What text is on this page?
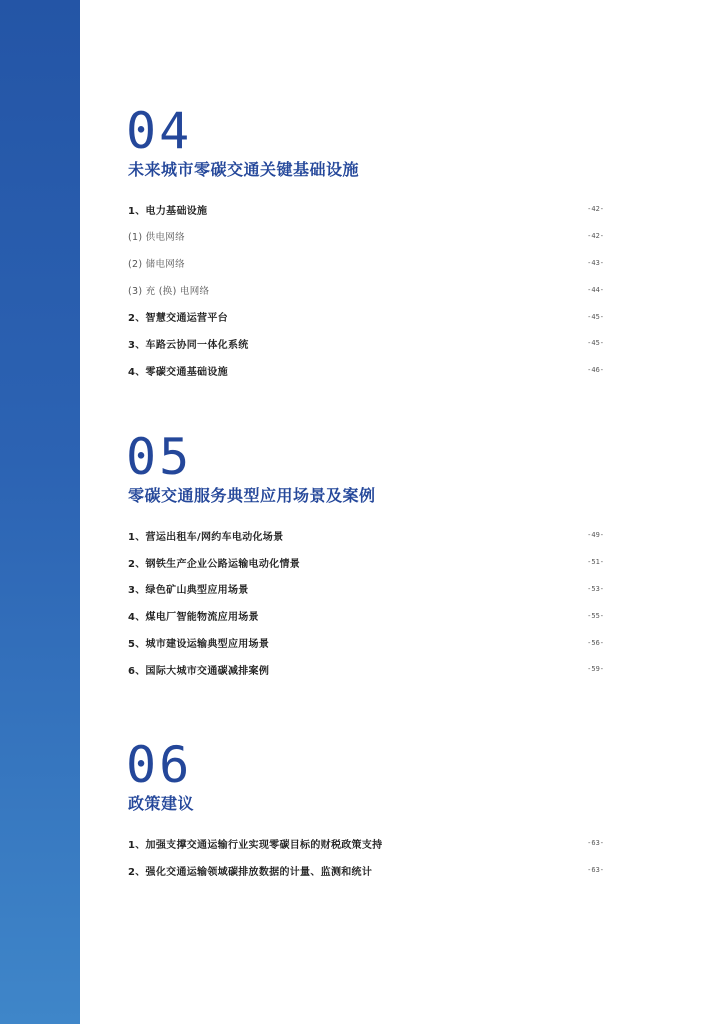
04
未来城市零碳交通关键基础设施
1、电力基础设施	-42-
(1) 供电网络	-42-
(2) 储电网络	-43-
(3) 充 (换) 电网络	-44-
2、智慧交通运营平台	-45-
3、车路云协同一体化系统	-45-
4、零碳交通基础设施	-46-
05
零碳交通服务典型应用场景及案例
1、营运出租车/网约车电动化场景	-49-
2、钢铁生产企业公路运输电动化情景	-51-
3、绿色矿山典型应用场景	-53-
4、煤电厂智能物流应用场景	-55-
5、城市建设运输典型应用场景	-56-
6、国际大城市交通碳减排案例	-59-
06
政策建议
1、加强支撑交通运输行业实现零碳目标的财税政策支持	-63-
2、强化交通运输领域碳排放数据的计量、监测和统计	-63-
